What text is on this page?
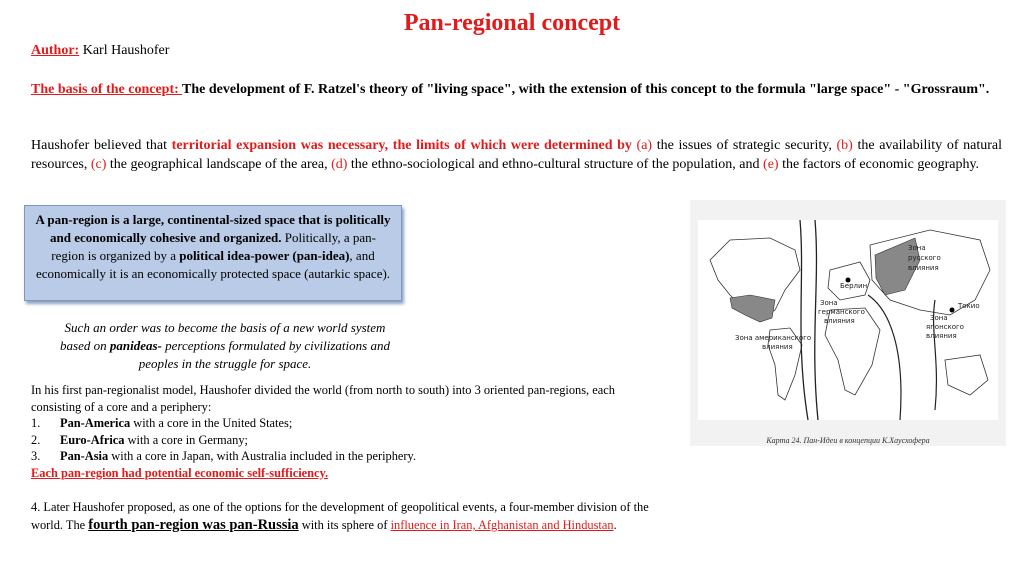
Pan-regional concept
Author: Karl Haushofer
The basis of the concept: The development of F. Ratzel's theory of "living space", with the extension of this concept to the formula "large space" - "Grossraum".
Haushofer believed that territorial expansion was necessary, the limits of which were determined by (a) the issues of strategic security, (b) the availability of natural resources, (c) the geographical landscape of the area, (d) the ethno-sociological and ethno-cultural structure of the population, and (e) the factors of economic geography.
A pan-region is a large, continental-sized space that is politically and economically cohesive and organized. Politically, a pan-region is organized by a political idea-power (pan-idea), and economically it is an economically protected space (autarkic space).
Such an order was to become the basis of a new world system based on panideas- perceptions formulated by civilizations and peoples in the struggle for space.
In his first pan-regionalist model, Haushofer divided the world (from north to south) into 3 oriented pan-regions, each consisting of a core and a periphery:
1.	Pan-America with a core in the United States;
2.	Euro-Africa with a core in Germany;
3.	Pan-Asia with a core in Japan, with Australia included in the periphery.
Each pan-region had potential economic self-sufficiency.
4. Later Haushofer proposed, as one of the options for the development of geopolitical events, a four-member division of the world. The fourth pan-region was pan-Russia with its sphere of influence in Iran, Afghanistan and Hindustan.
Зона
русского
влияния
Берлин
Зона
германского
влияния
Токио
Зона
японского
влияния
Зона американского
влияния
Карта 24. Пан-Идеи в концепции К.Хаусхофера
